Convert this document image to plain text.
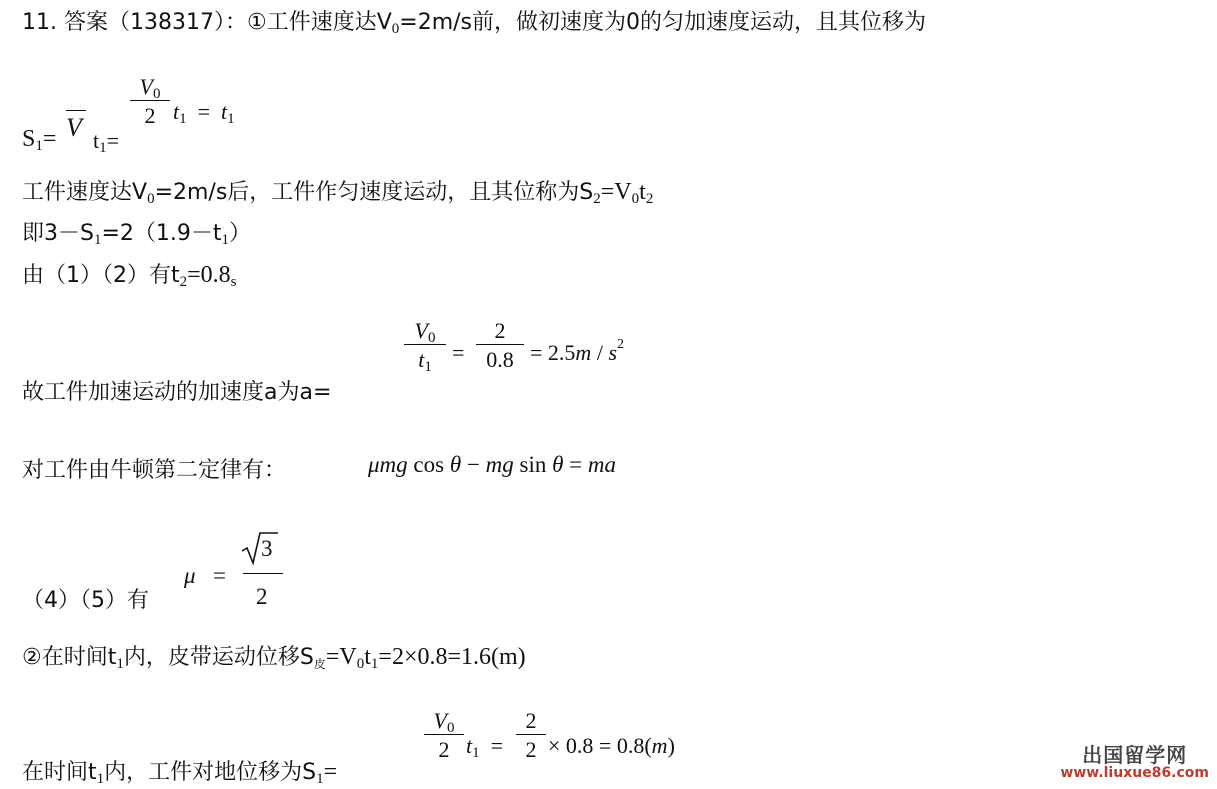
11. 答案（138317）：①工件速度达$V_0=2m/s$前，做初速度为0的匀加速度运动，且其位移为
$S_1= V$ $t_1=$
$\frac{V_0}{2} t_1 = t_1$
工件速度达$V_0=2m/s$后，工件作匀速度运动，且其位称为$S_2=V_0t_2$
即$3-S_1=2(1.9-t_1)$
由（1）（2）有$t_2=0.8_s$
故工件加速运动的加速度a为a=
$\frac{V_0}{t_1} = \frac{2}{0.8} = 2.5m / s^2$
对工件由牛顿第二定律有：	μmg cos θ − mg sin θ = ma
（4）（5）有
μ =
3
2
②在时间$t_1$内，皮带运动位移$S_皮=V_0t_1=2\times 0.8=1.6(m)$
在时间$t_1$内，工件对地位移为$S_1=$
$\frac{V_0}{2} t_1 = \frac{2}{2} \times 0.8 = 0.8(m)$	出国留学网
www.liuxue86.com
